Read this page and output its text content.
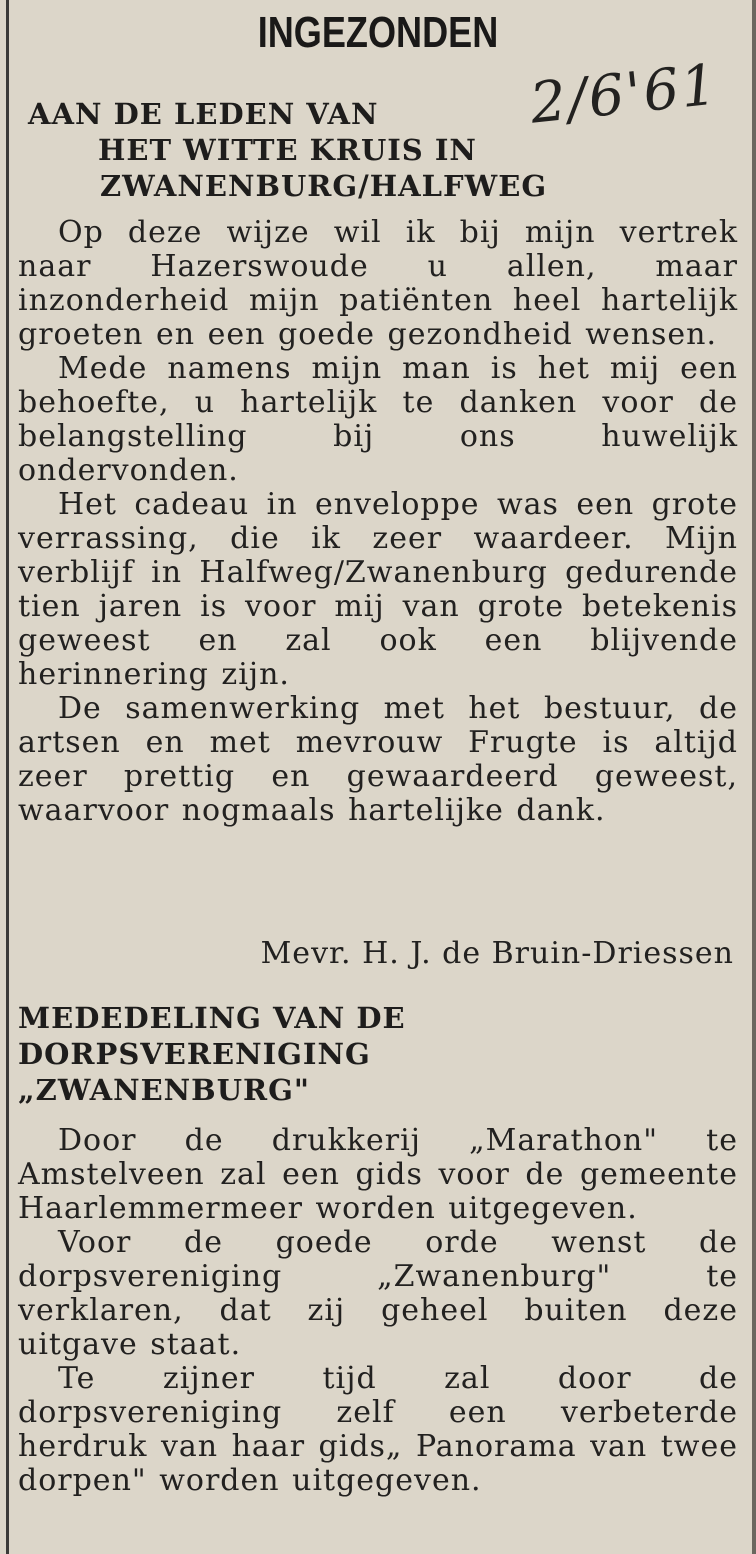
INGEZONDEN
2/6'61

AAN DE LEDEN VAN

HET WITTE KRUIS IN

ZWANENBURG/HALFWEG

Op deze wijze wil ik bij mijn vertrek naar Hazerswoude u allen, maar inzonderheid mijn patiënten heel hartelijk groeten en een goede gezondheid wensen.

Mede namens mijn man is het mij een behoefte, u hartelijk te danken voor de belangstelling bij ons huwelijk ondervonden.

Het cadeau in enveloppe was een grote verrassing, die ik zeer waardeer. Mijn verblijf in Halfweg/Zwanenburg gedurende tien jaren is voor mij van grote betekenis geweest en zal ook een blijvende herinnering zijn.

De samenwerking met het bestuur, de artsen en met mevrouw Frugte is altijd zeer prettig en gewaardeerd geweest, waarvoor nogmaals hartelijke dank.

Mevr. H. J. de Bruin-Driessen

MEDEDELING VAN DE

DORPSVERENIGING

„ZWANENBURG"

Door de drukkerij „Marathon" te Amstelveen zal een gids voor de gemeente Haarlemmermeer worden uitgegeven.

Voor de goede orde wenst de dorpsvereniging „Zwanenburg" te verklaren, dat zij geheel buiten deze uitgave staat.

Te zijner tijd zal door de dorpsvereniging zelf een verbeterde herdruk van haar gids„ Panorama van twee dorpen" worden uitgegeven.
